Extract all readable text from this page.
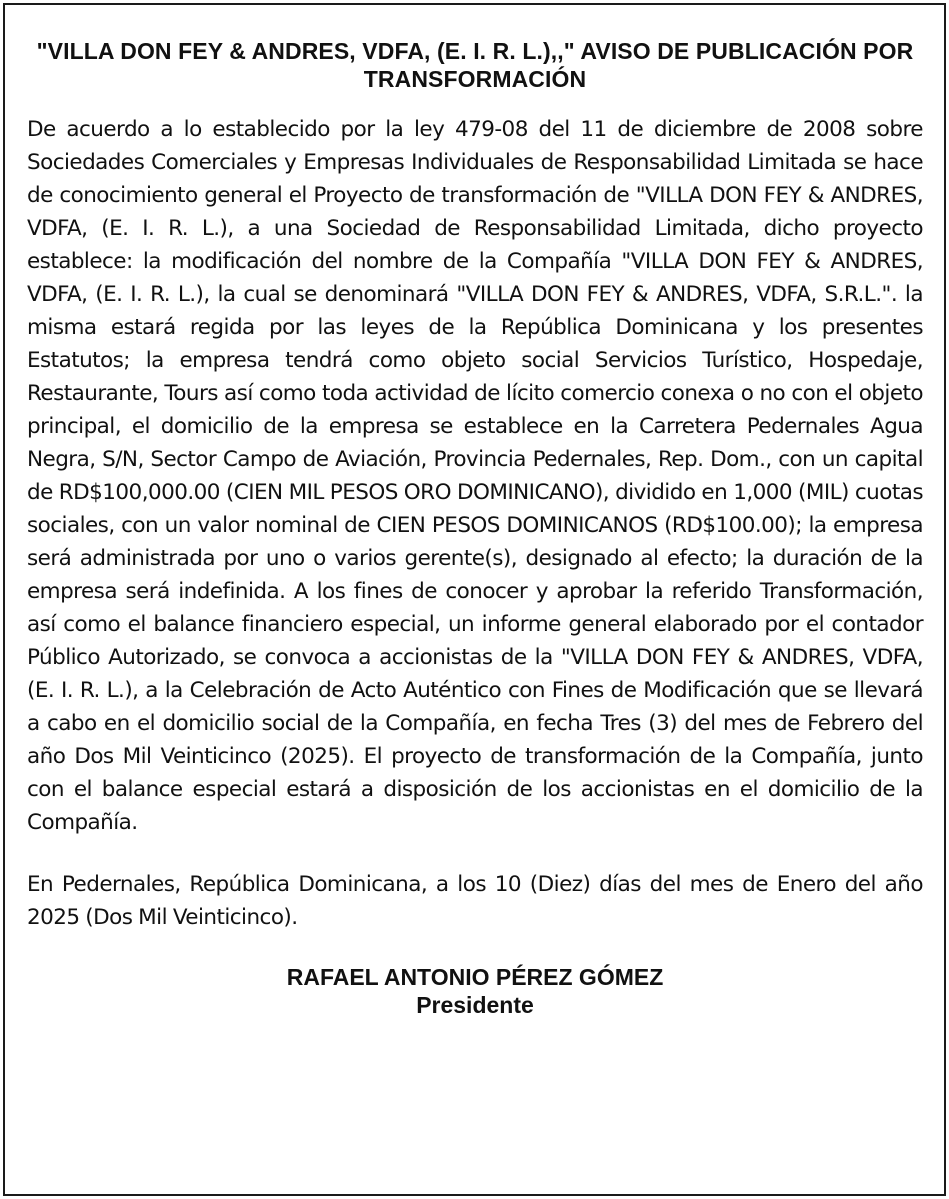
"VILLA DON FEY & ANDRES, VDFA, (E. I. R. L.),," AVISO DE PUBLICACIÓN POR TRANSFORMACIÓN

De acuerdo a lo establecido por la ley 479-08 del 11 de diciembre de 2008 sobre Sociedades Comerciales y Empresas Individuales de Responsabilidad Limitada se hace de conocimiento general el Proyecto de transformación de "VILLA DON FEY & ANDRES, VDFA, (E. I. R. L.), a una Sociedad de Responsabilidad Limitada, dicho proyecto establece: la modificación del nombre de la Compañía "VILLA DON FEY & ANDRES, VDFA, (E. I. R. L.), la cual se denominará "VILLA DON FEY & ANDRES, VDFA, S.R.L.". la misma estará regida por las leyes de la República Dominicana y los presentes Estatutos; la empresa tendrá como objeto social Servicios Turístico, Hospedaje, Restaurante, Tours así como toda actividad de lícito comercio conexa o no con el objeto principal, el domicilio de la empresa se establece en la Carretera Pedernales Agua Negra, S/N, Sector Campo de Aviación, Provincia Pedernales, Rep. Dom., con un capital de RD$100,000.00 (CIEN MIL PESOS ORO DOMINICANO), dividido en 1,000 (MIL) cuotas sociales, con un valor nominal de CIEN PESOS DOMINICANOS (RD$100.00); la empresa será administrada por uno o varios gerente(s), designado al efecto; la duración de la empresa será indefinida. A los fines de conocer y aprobar la referido Transformación, así como el balance financiero especial, un informe general elaborado por el contador Público Autorizado, se convoca a accionistas de la "VILLA DON FEY & ANDRES, VDFA, (E. I. R. L.), a la Celebración de Acto Auténtico con Fines de Modificación que se llevará a cabo en el domicilio social de la Compañía, en fecha Tres (3) del mes de Febrero del año Dos Mil Veinticinco (2025). El proyecto de transformación de la Compañía, junto con el balance especial estará a disposición de los accionistas en el domicilio de la Compañía.

En Pedernales, República Dominicana, a los 10 (Diez) días del mes de Enero del año 2025 (Dos Mil Veinticinco).

RAFAEL ANTONIO PÉREZ GÓMEZ
Presidente
